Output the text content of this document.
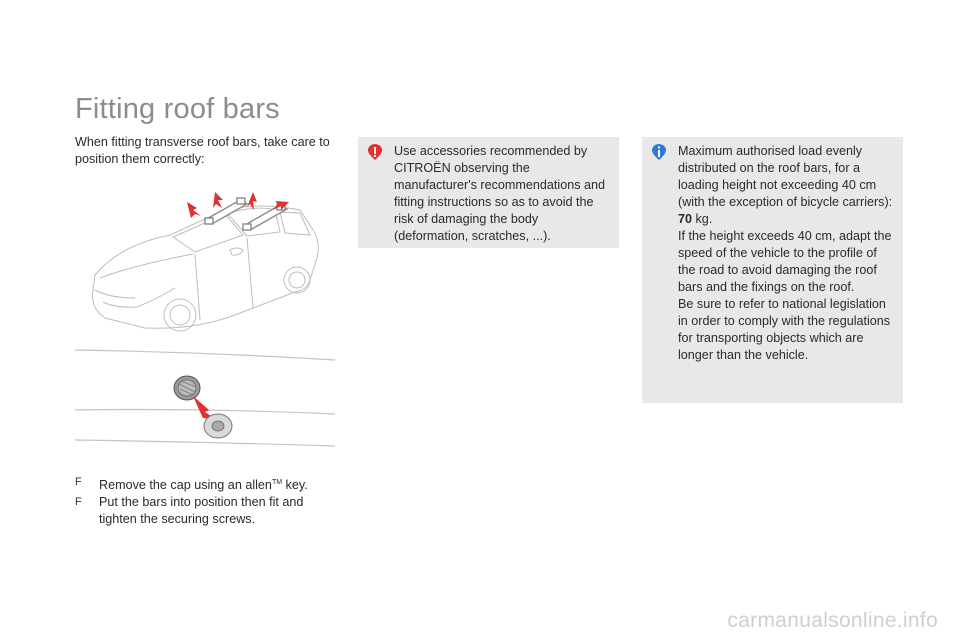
Fitting roof bars

When fitting transverse roof bars, take care to position them correctly:

F Remove the cap using an allen™ key.
F Put the bars into position then fit and tighten the securing screws.

Use accessories recommended by CITROËN observing the manufacturer's recommendations and fitting instructions so as to avoid the risk of damaging the body (deformation, scratches, ...).

Maximum authorised load evenly distributed on the roof bars, for a loading height not exceeding 40 cm (with the exception of bicycle carriers):
70 kg.

If the height exceeds 40 cm, adapt the speed of the vehicle to the profile of the road to avoid damaging the roof bars and the fixings on the roof.

Be sure to refer to national legislation in order to comply with the regulations for transporting objects which are longer than the vehicle.

carmanualsonline.info
